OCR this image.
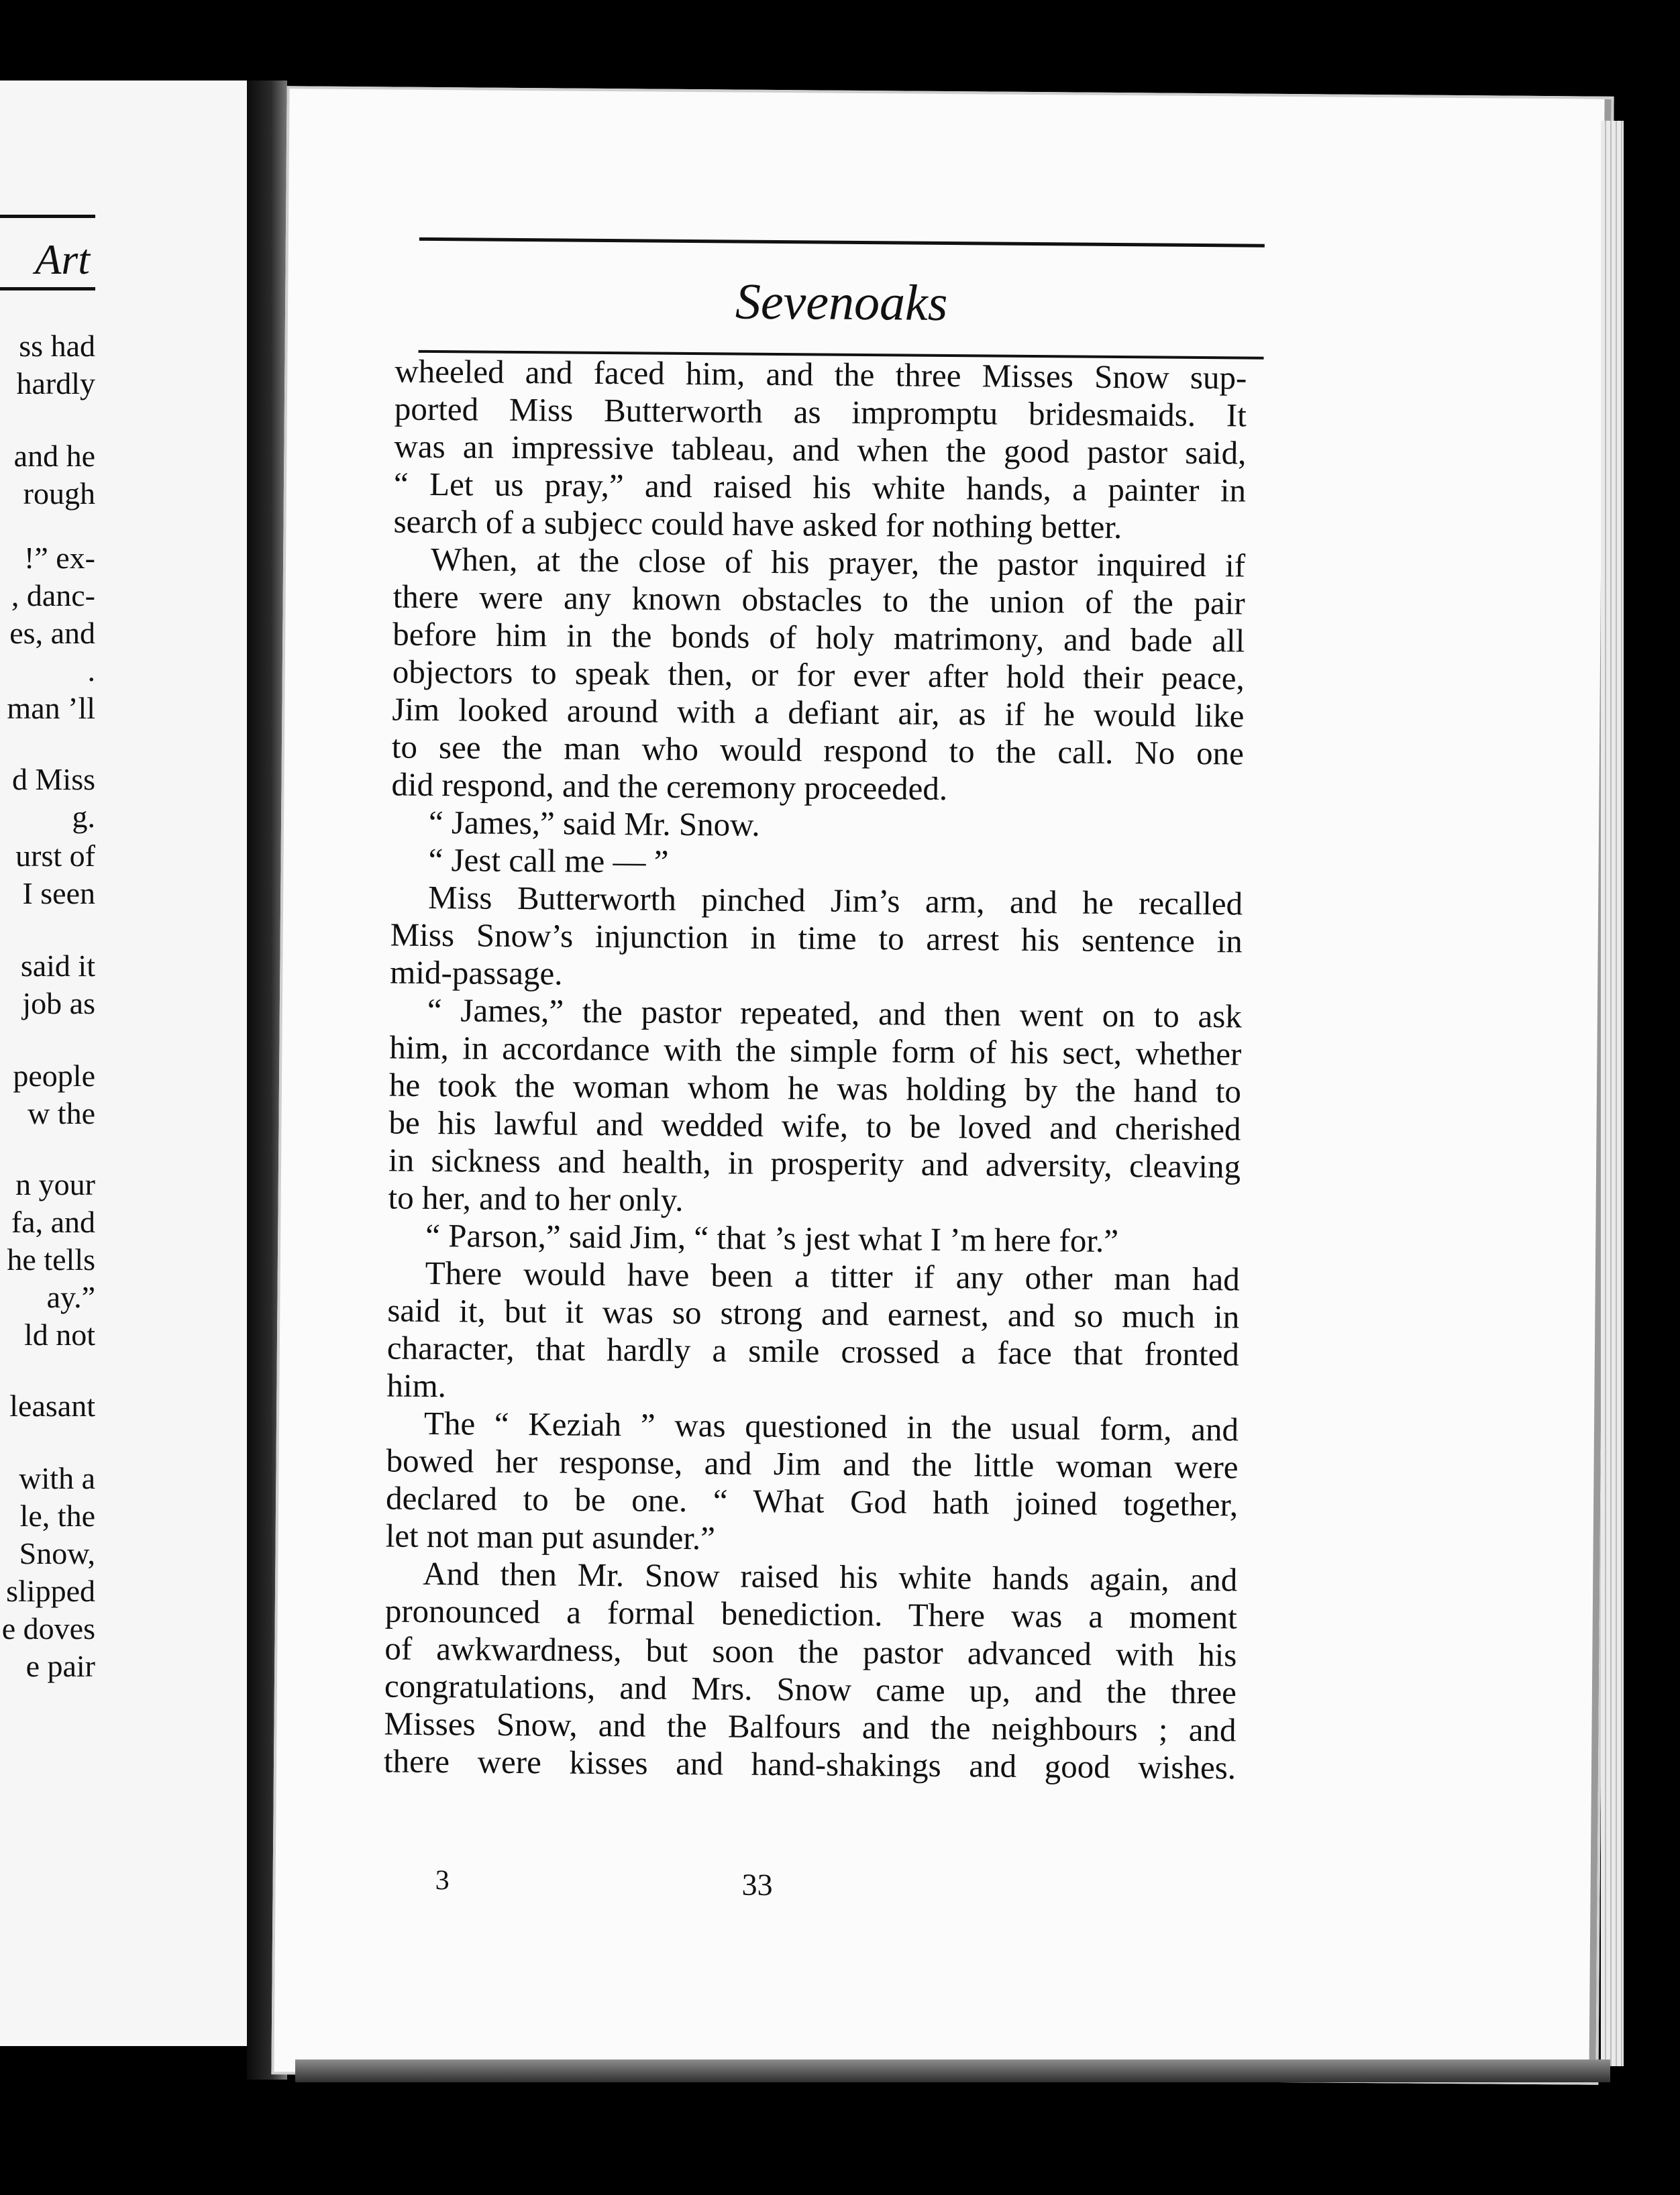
Art
ss had
hardly
and he
rough
!” ex-
, danc-
es, and
.
man ’ll
d Miss
g.
urst of
I seen
said it
job as
people
w the
n your
fa, and
he tells
ay.”
ld not
leasant
with a
le, the
Snow,
slipped
e doves
e pair
Sevenoaks
wheeled and faced him, and the three Misses Snow sup-
ported Miss Butterworth as impromptu bridesmaids. It
was an impressive tableau, and when the good pastor said,
“ Let us pray,” and raised his white hands, a painter in
search of a subjecc could have asked for nothing better.
When, at the close of his prayer, the pastor inquired if
there were any known obstacles to the union of the pair
before him in the bonds of holy matrimony, and bade all
objectors to speak then, or for ever after hold their peace,
Jim looked around with a defiant air, as if he would like
to see the man who would respond to the call. No one
did respond, and the ceremony proceeded.
“ James,” said Mr. Snow.
“ Jest call me — ”
Miss Butterworth pinched Jim’s arm, and he recalled
Miss Snow’s injunction in time to arrest his sentence in
mid-passage.
“ James,” the pastor repeated, and then went on to ask
him, in accordance with the simple form of his sect, whether
he took the woman whom he was holding by the hand to
be his lawful and wedded wife, to be loved and cherished
in sickness and health, in prosperity and adversity, cleaving
to her, and to her only.
“ Parson,” said Jim, “ that ’s jest what I ’m here for.”
There would have been a titter if any other man had
said it, but it was so strong and earnest, and so much in
character, that hardly a smile crossed a face that fronted
him.
The “ Keziah ” was questioned in the usual form, and
bowed her response, and Jim and the little woman were
declared to be one. “ What God hath joined together,
let not man put asunder.”
And then Mr. Snow raised his white hands again, and
pronounced a formal benediction. There was a moment
of awkwardness, but soon the pastor advanced with his
congratulations, and Mrs. Snow came up, and the three
Misses Snow, and the Balfours and the neighbours ; and
there were kisses and hand-shakings and good wishes.
3	33
